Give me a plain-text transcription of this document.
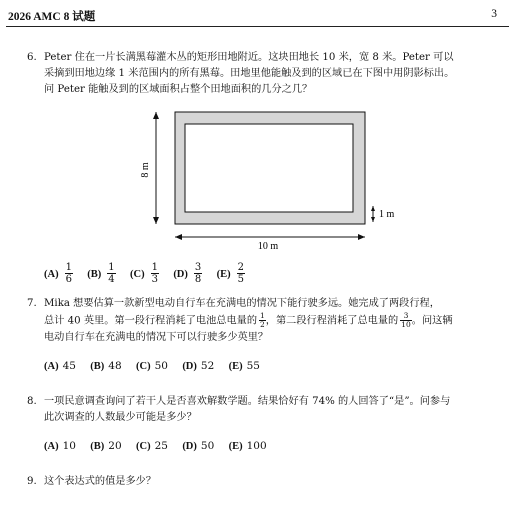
2026 AMC 8 试题	3
6. Peter 住在一片长满黑莓灌木丛的矩形田地附近。这块田地长 10 米，宽 8 米。Peter 可以
采摘到田地边缘 1 米范围内的所有黑莓。田地里他能触及到的区域已在下图中用阴影标出。
问 Peter 能触及到的区域面积占整个田地面积的几分之几？
8 m
10 m
1 m
$(A) \frac{1}{6} (B) \frac{1}{4} (C) \frac{1}{3} (D) \frac{3}{8} (E) \frac{2}{5}$
7. Mika 想要估算一款新型电动自行车在充满电的情况下能行驶多远。她完成了两段行程，
总计 40 英里。第一段行程消耗了电池总电量的 $\frac{1}{2}$ ，第二段行程消耗了总电量的 $\frac{3}{10}$ 。问这辆
电动自行车在充满电的情况下可以行驶多少英里？
(A) 45 (B) 48 (C) 50 (D) 52 (E) 55
8. 一项民意调查询问了若干人是否喜欢解数学题。结果恰好有 74% 的人回答了“是”。问参与
此次调查的人数最少可能是多少？
(A) 10 (B) 20 (C) 25 (D) 50 (E) 100
9. 这个表达式的值是多少？
